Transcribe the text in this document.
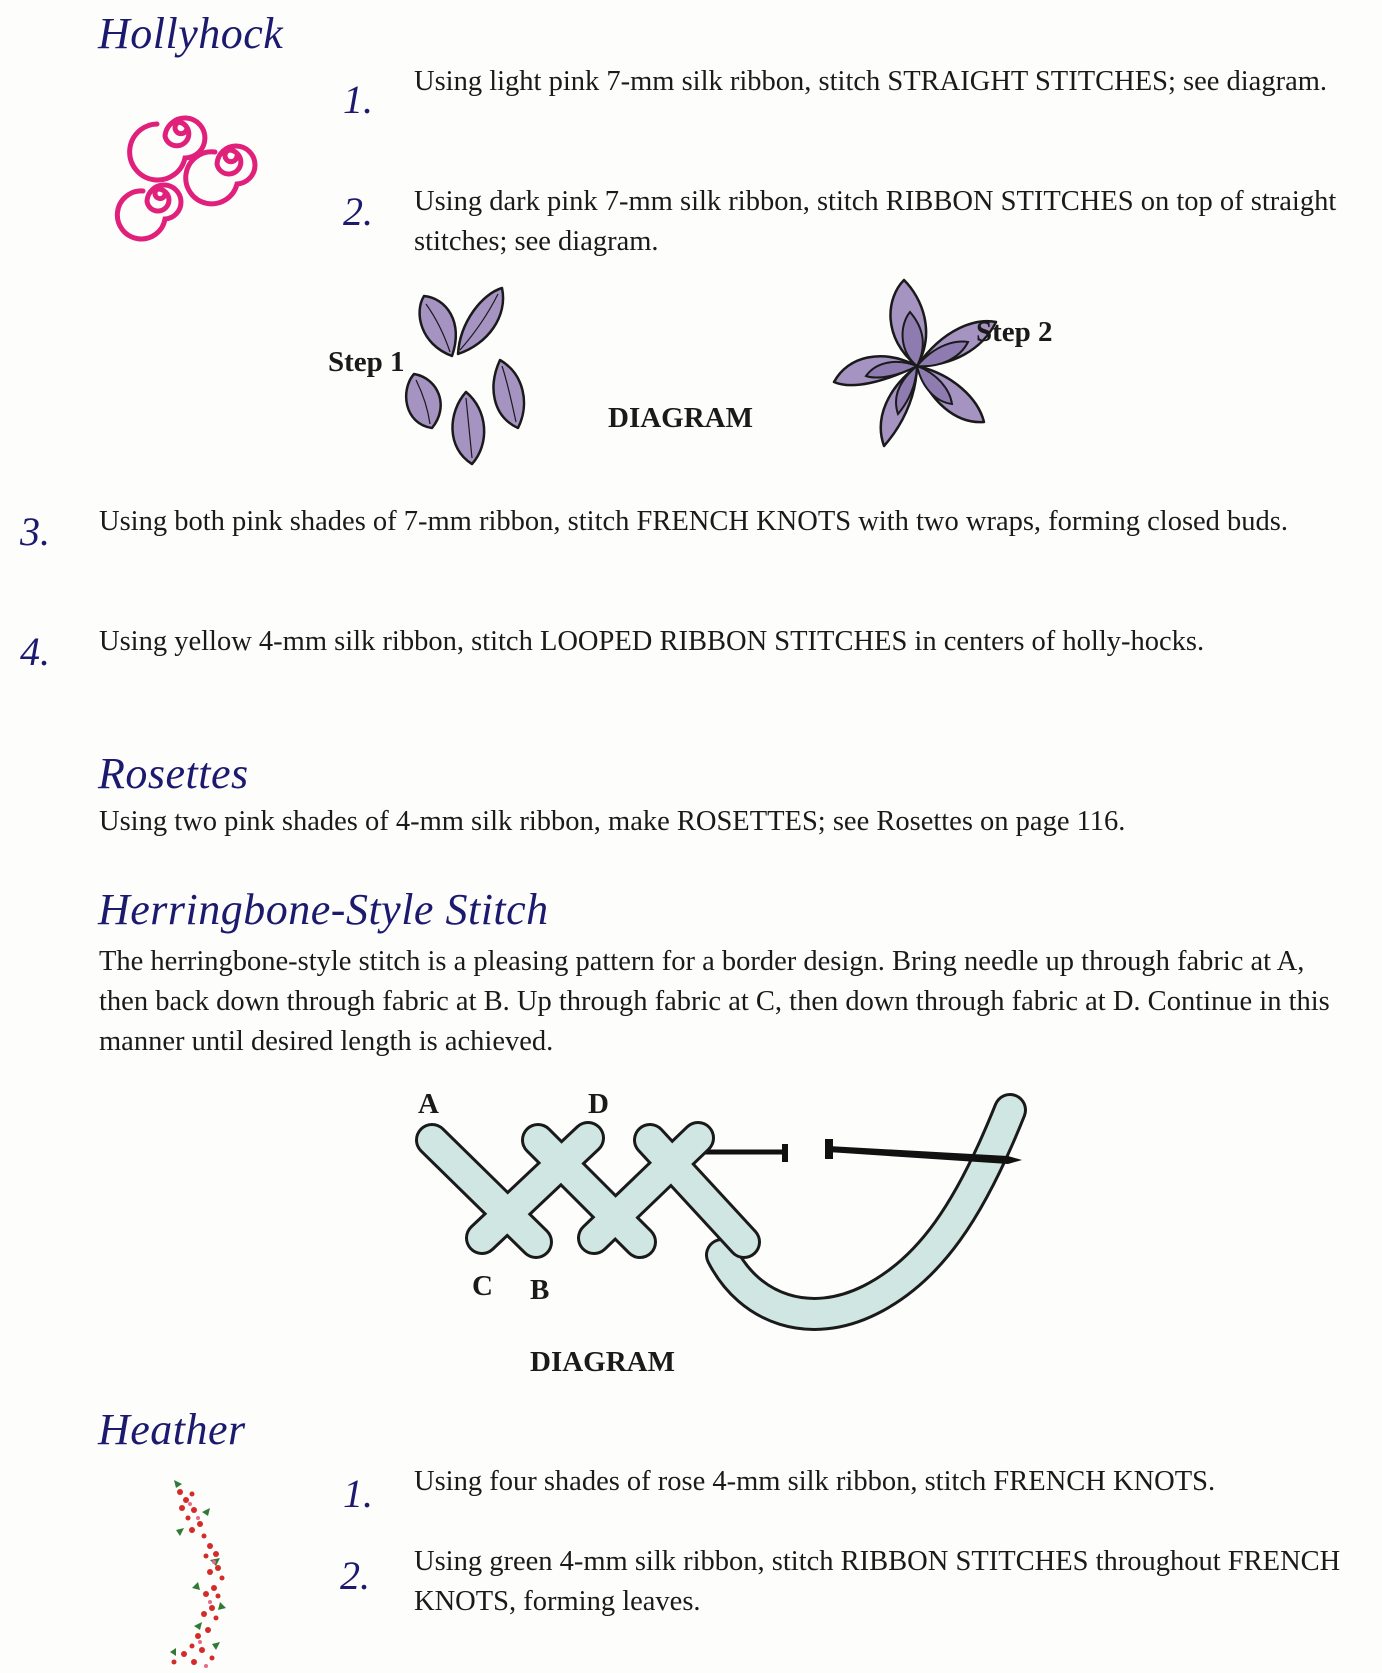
Hollyhock
1. Using light pink 7-mm silk ribbon, stitch STRAIGHT STITCHES; see diagram.
2. Using dark pink 7-mm silk ribbon, stitch RIBBON STITCHES on top of straight stitches; see diagram.
Step 1
Step 2
DIAGRAM
3. Using both pink shades of 7-mm ribbon, stitch FRENCH KNOTS with two wraps, forming closed buds.
4. Using yellow 4-mm silk ribbon, stitch LOOPED RIBBON STITCHES in centers of holly-hocks.
Rosettes
Using two pink shades of 4-mm silk ribbon, make ROSETTES; see Rosettes on page 116.
Herringbone-Style Stitch
The herringbone-style stitch is a pleasing pattern for a border design. Bring needle up through fabric at A, then back down through fabric at B. Up through fabric at C, then down through fabric at D. Continue in this manner until desired length is achieved.
A	D
C B
DIAGRAM
Heather
1. Using four shades of rose 4-mm silk ribbon, stitch FRENCH KNOTS.
2. Using green 4-mm silk ribbon, stitch RIBBON STITCHES throughout FRENCH KNOTS, forming leaves.
